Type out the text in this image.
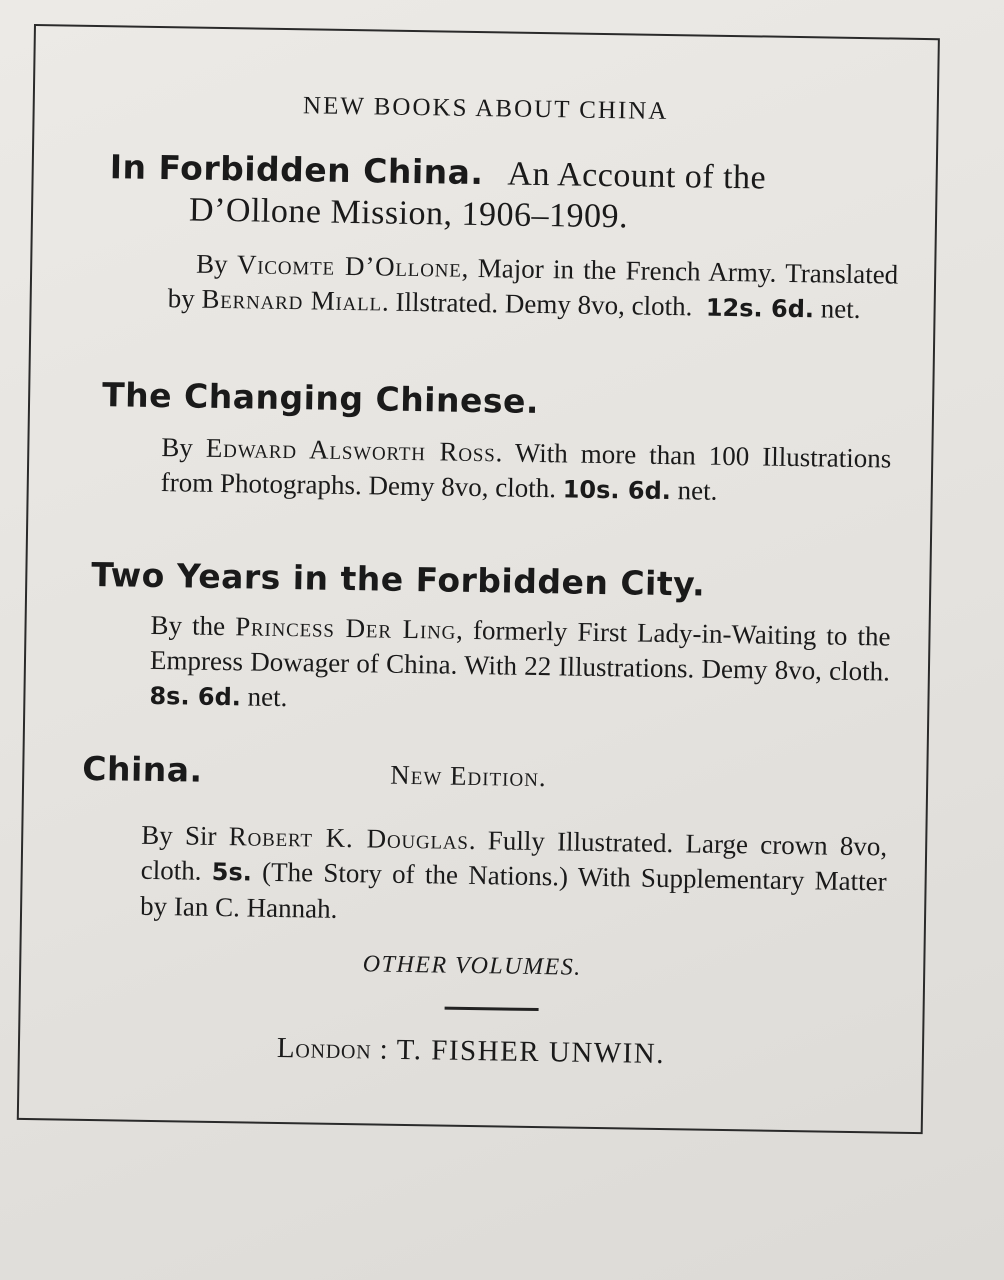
NEW BOOKS ABOUT CHINA
In Forbidden China. An Account of the
D’Ollone Mission, 1906–1909.
By Vicomte D’Ollone, Major in the French Army. Translated by Bernard Miall. Illstrated. Demy 8vo, cloth. 12s. 6d. net.
The Changing Chinese.
By Edward Alsworth Ross. With more than 100 Illustrations from Photographs. Demy 8vo, cloth. 10s. 6d. net.
Two Years in the Forbidden City.
By the Princess Der Ling, formerly First Lady-in-Waiting to the Empress Dowager of China. With 22 Illustrations. Demy 8vo, cloth. 8s. 6d. net.
China.	New Edition.
By Sir Robert K. Douglas. Fully Illustrated. Large crown 8vo, cloth. 5s. (The Story of the Nations.) With Supplementary Matter by Ian C. Hannah.
OTHER VOLUMES.
London : T. FISHER UNWIN.
